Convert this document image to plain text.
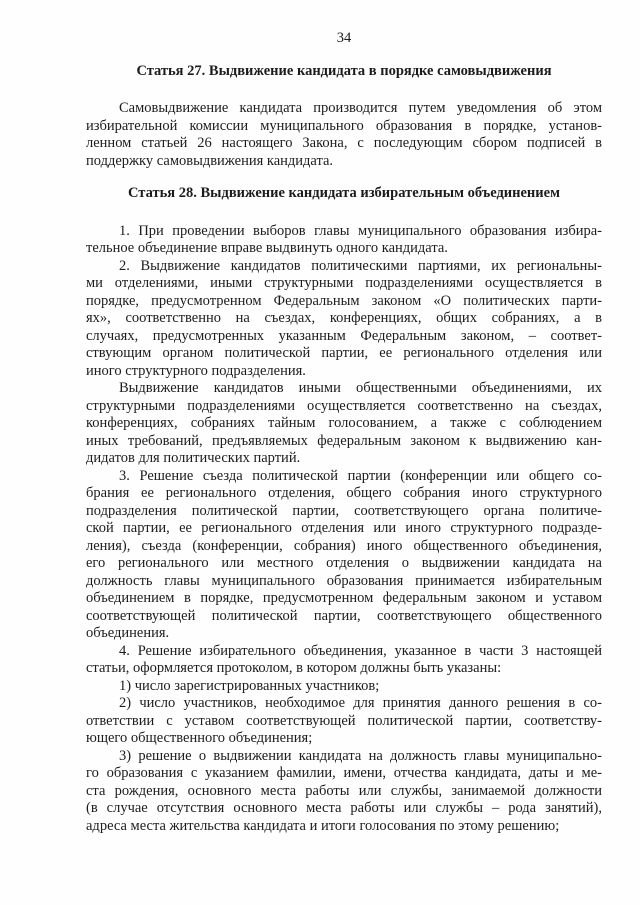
34
Статья 27. Выдвижение кандидата в порядке самовыдвижения
Самовыдвижение кандидата производится путем уведомления об этом
избирательной комиссии муниципального образования в порядке, установ-
ленном статьей 26 настоящего Закона, с последующим сбором подписей в
поддержку самовыдвижения кандидата.
Статья 28. Выдвижение кандидата избирательным объединением
1. При проведении выборов главы муниципального образования избира-
тельное объединение вправе выдвинуть одного кандидата.
2. Выдвижение кандидатов политическими партиями, их региональны-
ми отделениями, иными структурными подразделениями осуществляется в
порядке, предусмотренном Федеральным законом «О политических парти-
ях», соответственно на съездах, конференциях, общих собраниях, а в
случаях, предусмотренных указанным Федеральным законом, – соответ-
ствующим органом политической партии, ее регионального отделения или
иного структурного подразделения.
Выдвижение кандидатов иными общественными объединениями, их
структурными подразделениями осуществляется соответственно на съездах,
конференциях, собраниях тайным голосованием, а также с соблюдением
иных требований, предъявляемых федеральным законом к выдвижению кан-
дидатов для политических партий.
3. Решение съезда политической партии (конференции или общего со-
брания ее регионального отделения, общего собрания иного структурного
подразделения политической партии, соответствующего органа политиче-
ской партии, ее регионального отделения или иного структурного подразде-
ления), съезда (конференции, собрания) иного общественного объединения,
его регионального или местного отделения о выдвижении кандидата на
должность главы муниципального образования принимается избирательным
объединением в порядке, предусмотренном федеральным законом и уставом
соответствующей политической партии, соответствующего общественного
объединения.
4. Решение избирательного объединения, указанное в части 3 настоящей
статьи, оформляется протоколом, в котором должны быть указаны:
1) число зарегистрированных участников;
2) число участников, необходимое для принятия данного решения в со-
ответствии с уставом соответствующей политической партии, соответству-
ющего общественного объединения;
3) решение о выдвижении кандидата на должность главы муниципально-
го образования с указанием фамилии, имени, отчества кандидата, даты и ме-
ста рождения, основного места работы или службы, занимаемой должности
(в случае отсутствия основного места работы или службы – рода занятий),
адреса места жительства кандидата и итоги голосования по этому решению;
